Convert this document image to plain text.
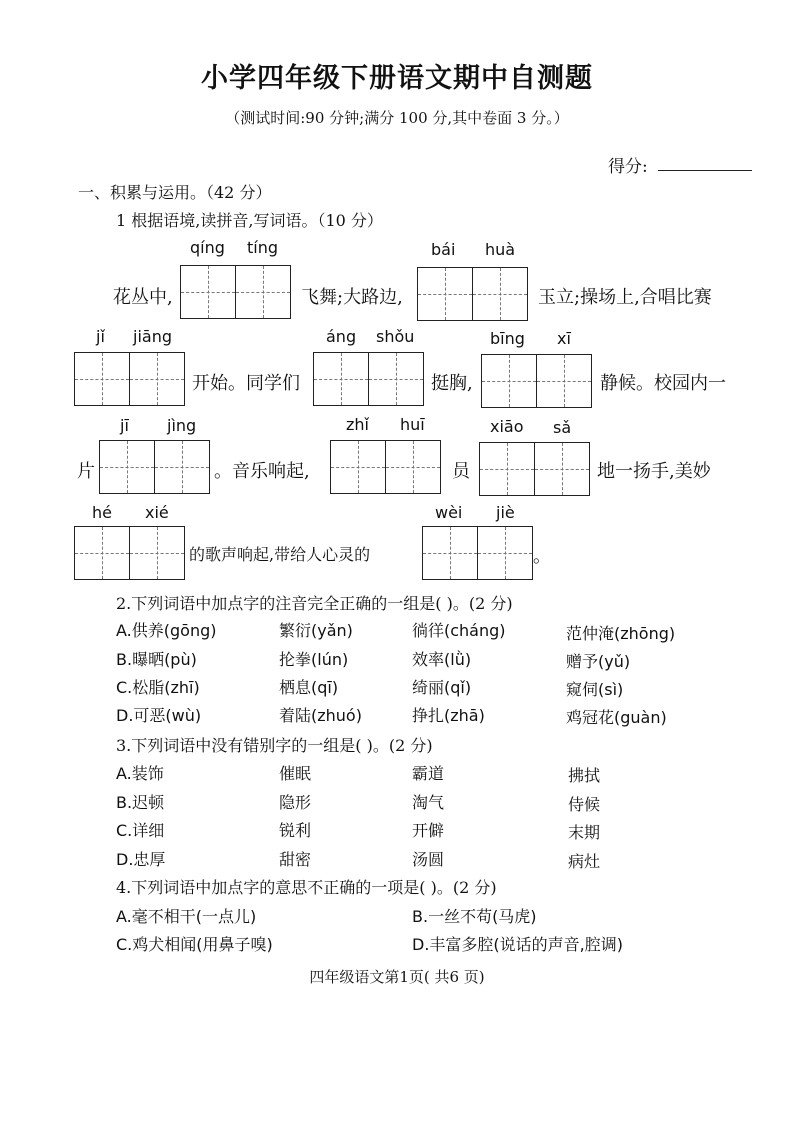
小学四年级下册语文期中自测题
（测试时间:90 分钟;满分 100 分,其中卷面 3 分。）
得分:
一、积累与运用。（42 分）
1 根据语境,读拼音,写词语。（10 分）
qíng tíng	bái huà
花丛中,	飞舞;大路边,	玉立;操场上,合唱比赛
jǐ jiāng	áng shǒu	bīng xī
开始。同学们	挺胸,	静候。校园内一
jī jìng	zhǐ huī	xiāo sǎ
片	。音乐响起,	员	地一扬手,美妙
hé xié	wèi jiè
的歌声响起,带给人心灵的	。
2.下列词语中加点字的注音完全正确的一组是( )。(2 分)
A.供养(gōng)	繁衍(yǎn)	徜徉(cháng)	范仲淹(zhōng)
B.曝晒(pù)	抡拳(lún)	效率(lǜ)	赠予(yǔ)
C.松脂(zhī)	栖息(qī)	绮丽(qǐ)	窥伺(sì)
D.可恶(wù)	着陆(zhuó)	挣扎(zhā)	鸡冠花(guàn)
3.下列词语中没有错别字的一组是( )。(2 分)
A.装饰	催眠	霸道	拂拭
B.迟顿	隐形	淘气	侍候
C.详细	锐利	开僻	末期
D.忠厚	甜密	汤圆	病灶
4.下列词语中加点字的意思不正确的一项是( )。(2 分)
A.毫不相干(一点儿)	B.一丝不苟(马虎)
C.鸡犬相闻(用鼻子嗅)	D.丰富多腔(说话的声音,腔调)
四年级语文第1页( 共6 页)
